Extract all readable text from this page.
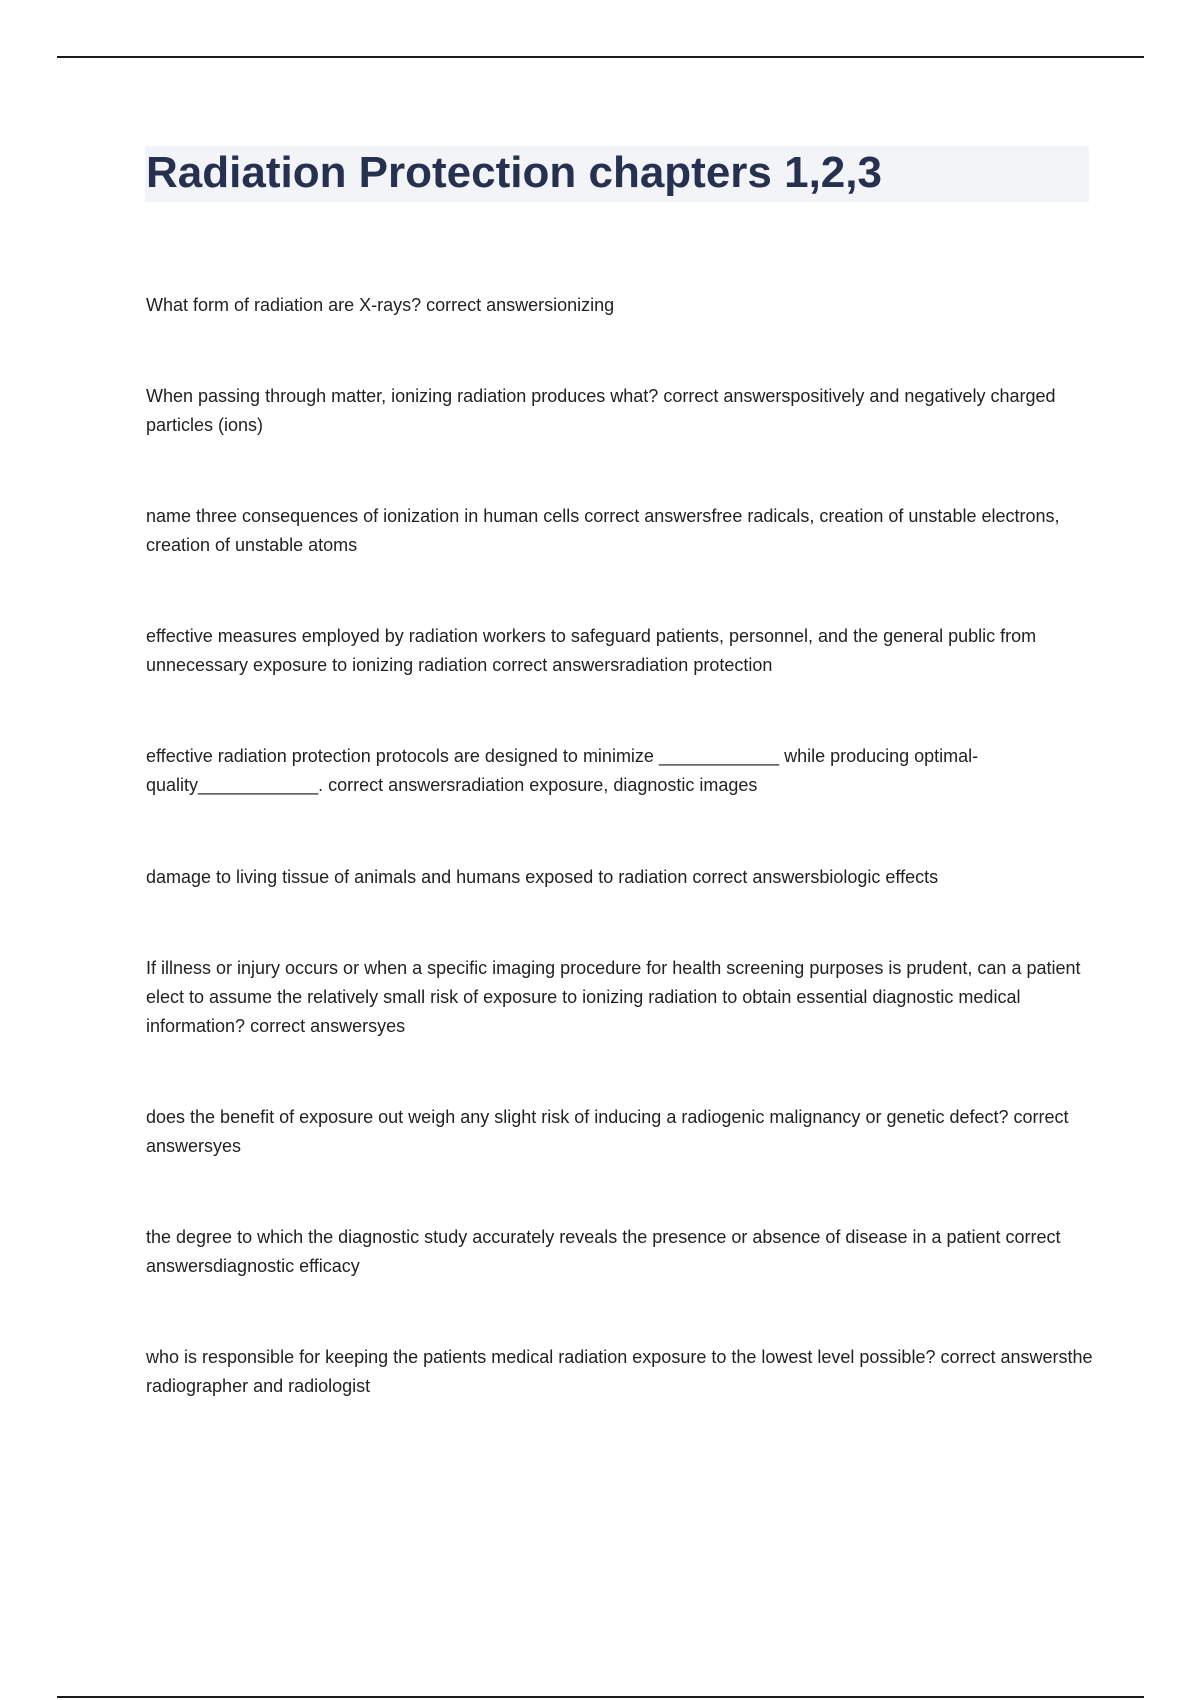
Radiation Protection chapters 1,2,3

What form of radiation are X-rays? correct answersionizing

When passing through matter, ionizing radiation produces what? correct answerspositively and negatively charged particles (ions)

name three consequences of ionization in human cells correct answersfree radicals, creation of unstable electrons, creation of unstable atoms

effective measures employed by radiation workers to safeguard patients, personnel, and the general public from unnecessary exposure to ionizing radiation correct answersradiation protection

effective radiation protection protocols are designed to minimize ____________ while producing optimal-quality____________. correct answersradiation exposure, diagnostic images

damage to living tissue of animals and humans exposed to radiation correct answersbiologic effects

If illness or injury occurs or when a specific imaging procedure for health screening purposes is prudent, can a patient elect to assume the relatively small risk of exposure to ionizing radiation to obtain essential diagnostic medical information? correct answersyes

does the benefit of exposure out weigh any slight risk of inducing a radiogenic malignancy or genetic defect? correct answersyes

the degree to which the diagnostic study accurately reveals the presence or absence of disease in a patient correct answersdiagnostic efficacy

who is responsible for keeping the patients medical radiation exposure to the lowest level possible? correct answersthe radiographer and radiologist
